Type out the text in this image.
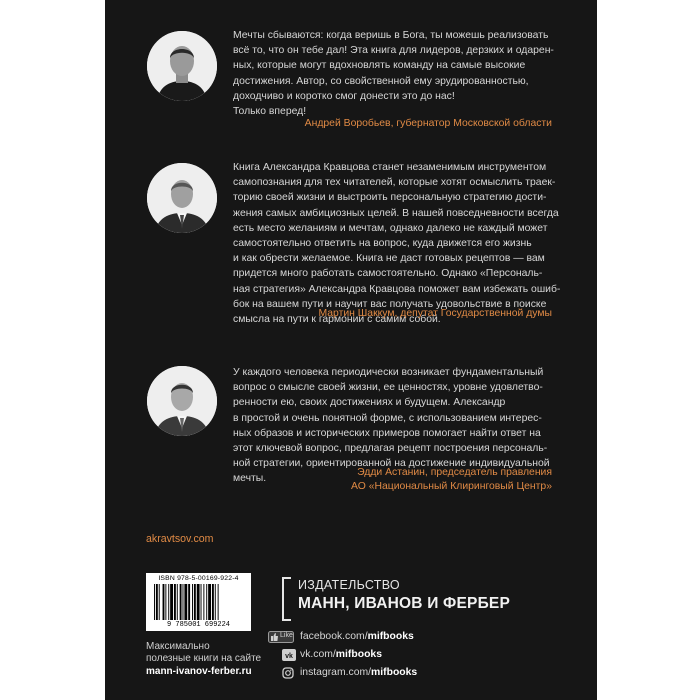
Мечты сбываются: когда веришь в Бога, ты можешь реализовать

всё то, что он тебе дал! Эта книга для лидеров, дерзких и одарен-

ных, которые могут вдохновлять команду на самые высокие

достижения. Автор, со свойственной ему эрудированностью,

доходчиво и коротко смог донести это до нас!

Только вперед!

Андрей Воробьев, губернатор Московской области

Книга Александра Кравцова станет незаменимым инструментом

самопознания для тех читателей, которые хотят осмыслить траек-

торию своей жизни и выстроить персональную стратегию дости-

жения самых амбициозных целей. В нашей повседневности всегда

есть место желаниям и мечтам, однако далеко не каждый может

самостоятельно ответить на вопрос, куда движется его жизнь

и как обрести желаемое. Книга не даст готовых рецептов — вам

придется много работать самостоятельно. Однако «Персональ-

ная стратегия» Александра Кравцова поможет вам избежать ошиб-

бок на вашем пути и научит вас получать удовольствие в поиске

смысла на пути к гармонии с самим собой.

Мартин Шаккум, депутат Государственной думы

У каждого человека периодически возникает фундаментальный

вопрос о смысле своей жизни, ее ценностях, уровне удовлетво-

ренности ею, своих достижениях и будущем. Александр

в простой и очень понятной форме, с использованием интерес-

ных образов и исторических примеров помогает найти ответ на

этот ключевой вопрос, предлагая рецепт построения персональ-

ной стратегии, ориентированной на достижение индивидуальной

мечты.

Эдди Астанин, председатель правления
АО «Национальный Клиринговый Центр»
akravtsov.com
ISBN 978-5-00169-922-4
9 785001 699224
Максимально
полезные книги на сайте
mann-ivanov-ferber.ru
ИЗДАТЕЛЬСТВО
МАНН, ИВАНОВ И ФЕРБЕР
Like facebook.com/mifbooks
vk vk.com/mifbooks
instagram.com/mifbooks
